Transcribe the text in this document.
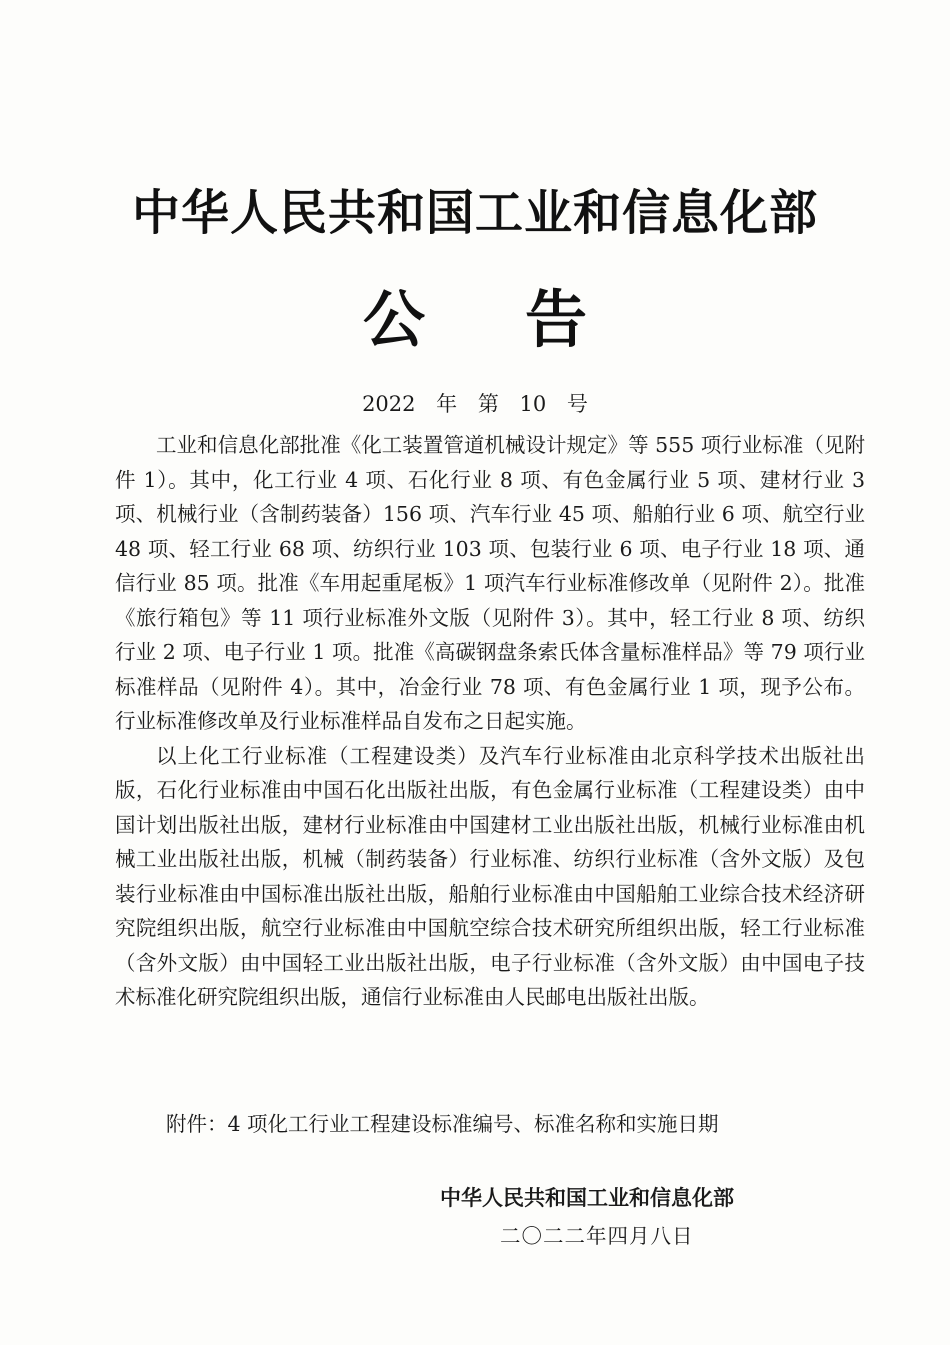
中华人民共和国工业和信息化部
公告
2022 年 第 10 号

工业和信息化部批准《化工装置管道机械设计规定》等 555 项行业标准（见附件 1）。其中，化工行业 4 项、石化行业 8 项、有色金属行业 5 项、建材行业 3 项、机械行业（含制药装备）156 项、汽车行业 45 项、船舶行业 6 项、航空行业 48 项、轻工行业 68 项、纺织行业 103 项、包装行业 6 项、电子行业 18 项、通信行业 85 项。批准《车用起重尾板》1 项汽车行业标准修改单（见附件 2）。批准《旅行箱包》等 11 项行业标准外文版（见附件 3）。其中，轻工行业 8 项、纺织行业 2 项、电子行业 1 项。批准《高碳钢盘条索氏体含量标准样品》等 79 项行业标准样品（见附件 4）。其中，冶金行业 78 项、有色金属行业 1 项，现予公布。行业标准修改单及行业标准样品自发布之日起实施。

以上化工行业标准（工程建设类）及汽车行业标准由北京科学技术出版社出版，石化行业标准由中国石化出版社出版，有色金属行业标准（工程建设类）由中国计划出版社出版，建材行业标准由中国建材工业出版社出版，机械行业标准由机械工业出版社出版，机械（制药装备）行业标准、纺织行业标准（含外文版）及包装行业标准由中国标准出版社出版，船舶行业标准由中国船舶工业综合技术经济研究院组织出版，航空行业标准由中国航空综合技术研究所组织出版，轻工行业标准（含外文版）由中国轻工业出版社出版，电子行业标准（含外文版）由中国电子技术标准化研究院组织出版，通信行业标准由人民邮电出版社出版。

附件：4 项化工行业工程建设标准编号、标准名称和实施日期
中华人民共和国工业和信息化部
二〇二二年四月八日
